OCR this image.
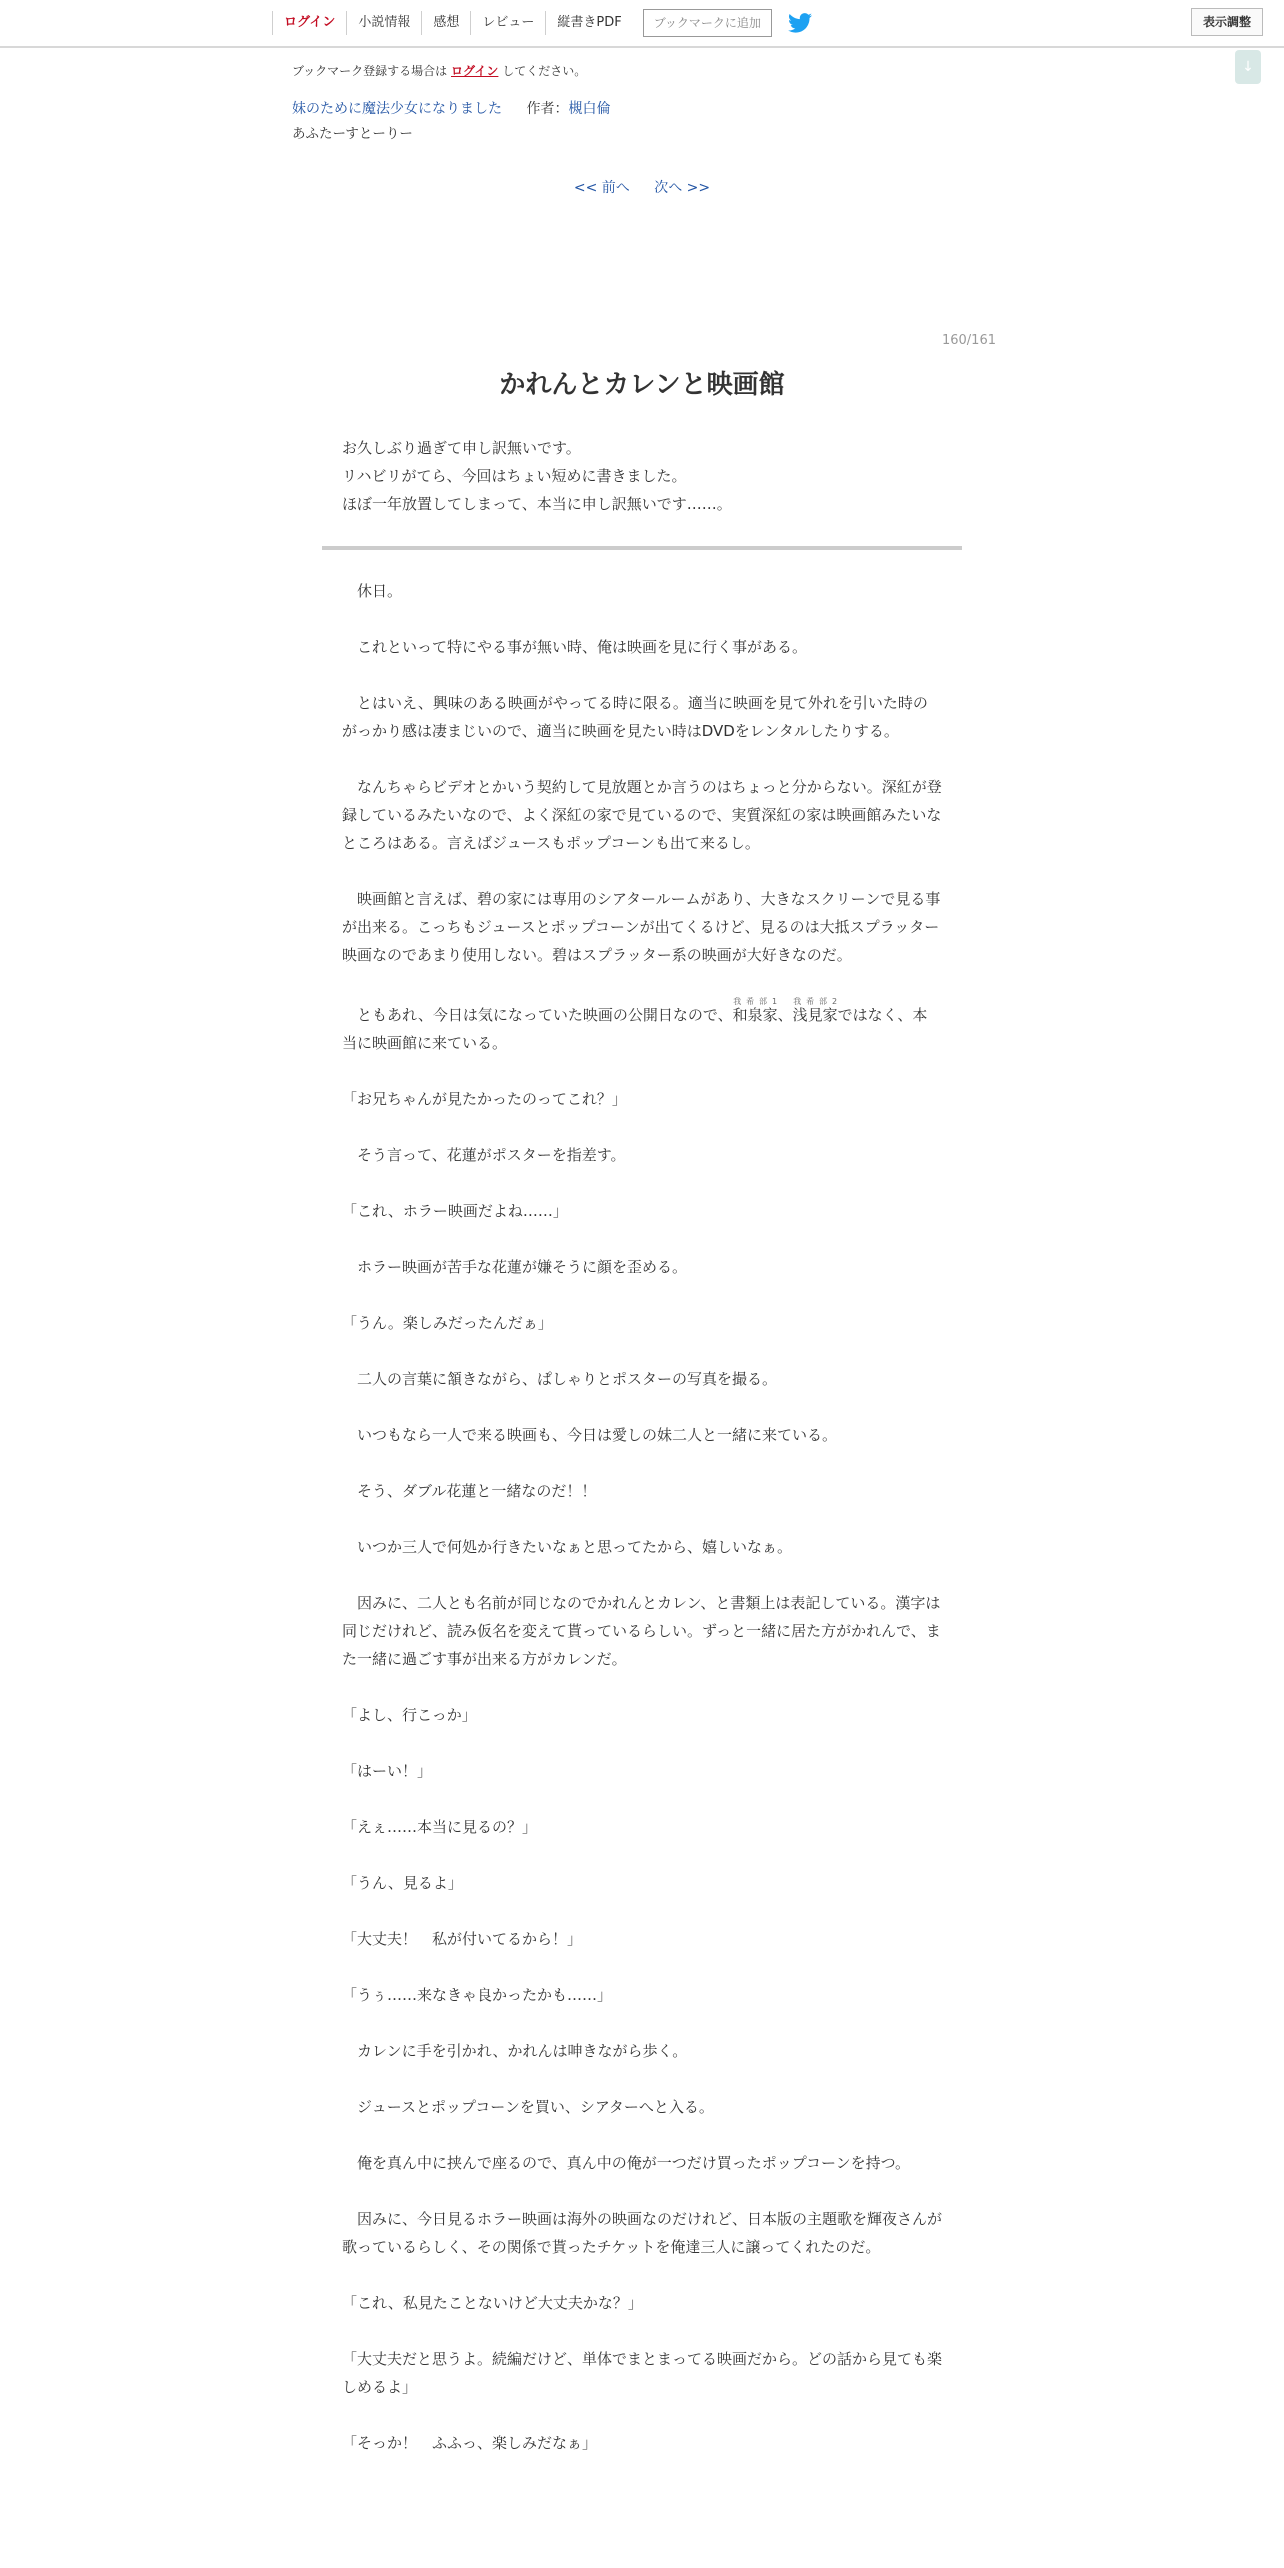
ログイン	小説情報	感想	レビュー	縦書きPDF	ブックマークに追加	表示調整
↓
ブックマーク登録する場合は ログイン してください。
妹のために魔法少女になりました 作者：槻白倫
あふたーすとーりー
<< 前へ 次へ >>
160/161
かれんとカレンと映画館
お久しぶり過ぎて申し訳無いです。
リハビリがてら、今回はちょい短めに書きました。
ほぼ一年放置してしまって、本当に申し訳無いです……。

　休日。

　これといって特にやる事が無い時、俺は映画を見に行く事がある。

　とはいえ、興味のある映画がやってる時に限る。適当に映画を見て外れを引いた時のがっかり感は凄まじいので、適当に映画を見たい時はDVDをレンタルしたりする。

　なんちゃらビデオとかいう契約して見放題とか言うのはちょっと分からない。深紅が登録しているみたいなので、よく深紅の家で見ているので、実質深紅の家は映画館みたいなところはある。言えばジュースもポップコーンも出て来るし。

　映画館と言えば、碧の家には専用のシアタールームがあり、大きなスクリーンで見る事が出来る。こっちもジュースとポップコーンが出てくるけど、見るのは大抵スプラッター映画なのであまり使用しない。碧はスプラッター系の映画が大好きなのだ。

　ともあれ、今日は気になっていた映画の公開日なので、和泉家我 希 部 1、浅見家我 希 部 2ではなく、本当に映画館に来ている。

「お兄ちゃんが見たかったのってこれ？」

　そう言って、花蓮がポスターを指差す。

「これ、ホラー映画だよね……」

　ホラー映画が苦手な花蓮が嫌そうに顔を歪める。

「うん。楽しみだったんだぁ」

　二人の言葉に頷きながら、ぱしゃりとポスターの写真を撮る。

　いつもなら一人で来る映画も、今日は愛しの妹二人と一緒に来ている。

　そう、ダブル花蓮と一緒なのだ！！

　いつか三人で何処か行きたいなぁと思ってたから、嬉しいなぁ。

　因みに、二人とも名前が同じなのでかれんとカレン、と書類上は表記している。漢字は同じだけれど、読み仮名を変えて貰っているらしい。ずっと一緒に居た方がかれんで、また一緒に過ごす事が出来る方がカレンだ。

「よし、行こっか」

「はーい！」

「えぇ……本当に見るの？」

「うん、見るよ」

「大丈夫！　私が付いてるから！」

「うぅ……来なきゃ良かったかも……」

　カレンに手を引かれ、かれんは呻きながら歩く。

　ジュースとポップコーンを買い、シアターへと入る。

　俺を真ん中に挟んで座るので、真ん中の俺が一つだけ買ったポップコーンを持つ。

　因みに、今日見るホラー映画は海外の映画なのだけれど、日本版の主題歌を輝夜さんが歌っているらしく、その関係で貰ったチケットを俺達三人に譲ってくれたのだ。

「これ、私見たことないけど大丈夫かな？」

「大丈夫だと思うよ。続編だけど、単体でまとまってる映画だから。どの話から見ても楽しめるよ」

「そっか！　ふふっ、楽しみだなぁ」
